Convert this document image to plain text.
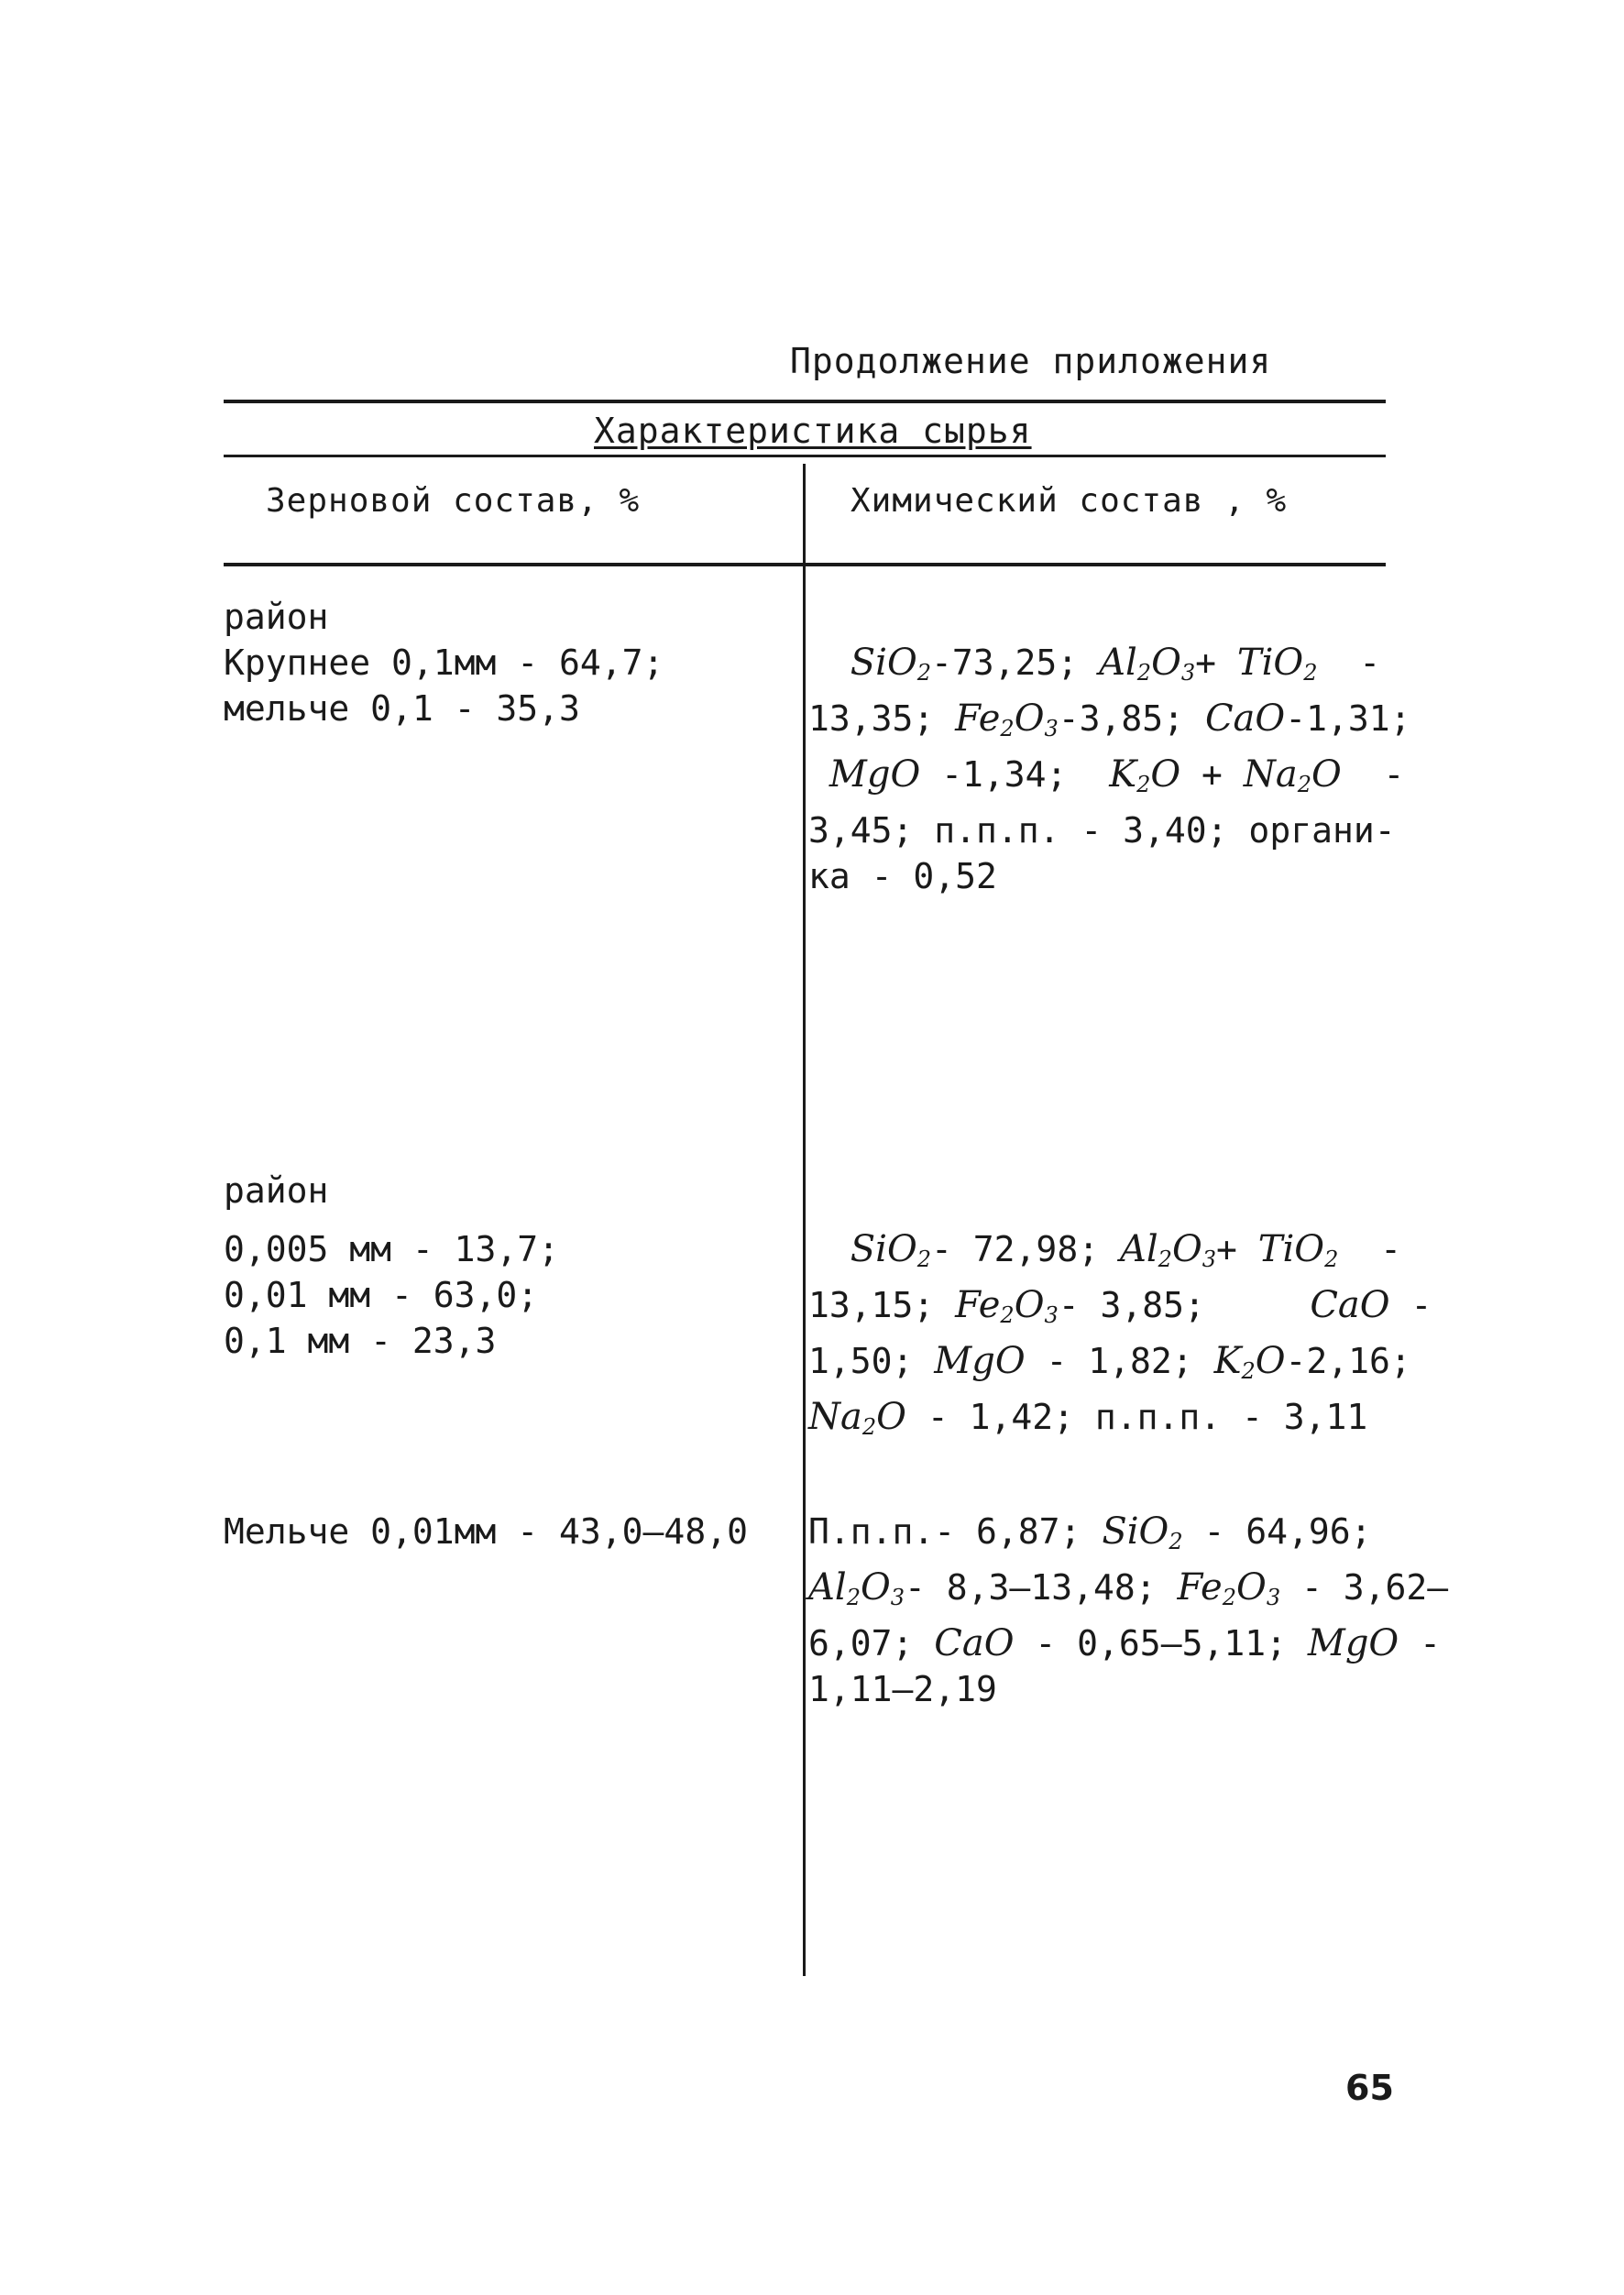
Продолжение приложения
Характеристика сырья
Зерновой состав, %	Химический состав , %
район
Крупнее 0,1мм - 64,7;
мельче 0,1 - 35,3
SiO$_2$-73,25; $Al_2O_3+ TiO_2$ -
13,35; $Fe_2O_3-3,85$; CaO-1,31;
MgO -1,34; $K_2O + Na_2O$ -
3,45; п.п.п. - 3,40; органи-
ка - 0,52
район
0,005 мм - 13,7;
0,01 мм - 63,0;
0,1 мм - 23,3
SiO$_2$- 72,98; $Al_2O_3+ TiO_2$ -
13,15; $Fe_2O_3-$ 3,85;	CaO -
1,50; MgO - 1,82; $K_2O-2,16$;
$Na_2O - 1,42$; п.п.п. - 3,11
Мельче 0,01мм - 43,0–48,0 П.п.п.- 6,87; SiO$_2$ - 64,96;
$Al_2O_3-$ 8,3–13,48; $Fe_2O_3 - 3,62-$
6,07; CaO - 0,65–5,11; MgO -
1,11–2,19
65
